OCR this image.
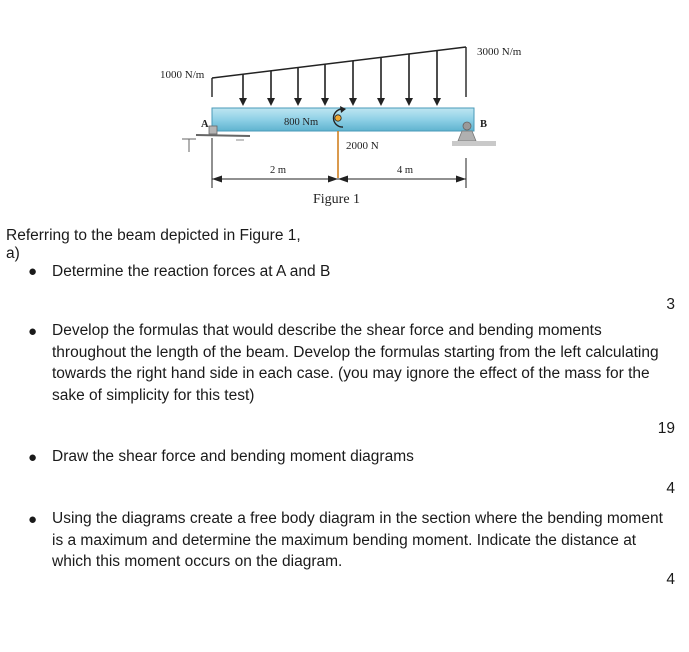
1000 N/m
3000 N/m
800 Nm
2000 N
A	B
2 m	4 m
Figure 1
Referring to the beam depicted in Figure 1,
a)
● Determine the reaction forces at A and B
3
● Develop the formulas that would describe the shear force and bending moments throughout the length of the beam. Develop the formulas starting from the left calculating towards the right hand side in each case. (you may ignore the effect of the mass for the sake of simplicity for this test)
19
● Draw the shear force and bending moment diagrams
4
● Using the diagrams create a free body diagram in the section where the bending moment is a maximum and determine the maximum bending moment. Indicate the distance at which this moment occurs on the diagram.
4
